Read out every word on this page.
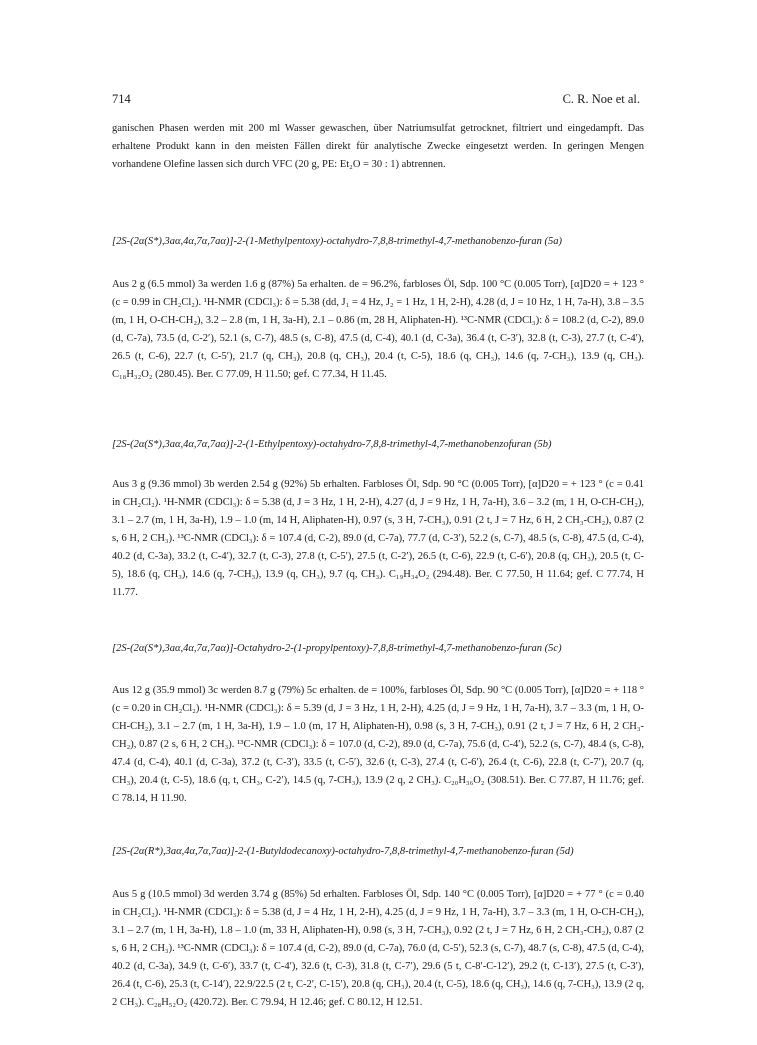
714	C. R. Noe et al.

ganischen Phasen werden mit 200 ml Wasser gewaschen, über Natriumsulfat getrocknet, filtriert und eingedampft. Das erhaltene Produkt kann in den meisten Fällen direkt für analytische Zwecke eingesetzt werden. In geringen Mengen vorhandene Olefine lassen sich durch VFC (20 g, PE: Et₂O = 30 : 1) abtrennen.

[2S-(2α(S*),3aα,4α,7α,7aα)]-2-(1-Methylpentoxy)-octahydro-7,8,8-trimethyl-4,7-methanobenzo-furan (5a)

Aus 2 g (6.5 mmol) 3a werden 1.6 g (87%) 5a erhalten. de = 96.2%, farbloses Öl, Sdp. 100 °C (0.005 Torr), [α]D20 = + 123 ° (c = 0.99 in CH₂Cl₂). ¹H-NMR (CDCl₃): δ = 5.38 (dd, J₁ = 4 Hz, J₂ = 1 Hz, 1 H, 2-H), 4.28 (d, J = 10 Hz, 1 H, 7a-H), 3.8 – 3.5 (m, 1 H, O-CH-CH₂), 3.2 – 2.8 (m, 1 H, 3a-H), 2.1 – 0.86 (m, 28 H, Aliphaten-H). ¹³C-NMR (CDCl₃): δ = 108.2 (d, C-2), 89.0 (d, C-7a), 73.5 (d, C-2′), 52.1 (s, C-7), 48.5 (s, C-8), 47.5 (d, C-4), 40.1 (d, C-3a), 36.4 (t, C-3′), 32.8 (t, C-3), 27.7 (t, C-4′), 26.5 (t, C-6), 22.7 (t, C-5′), 21.7 (q, CH₃), 20.8 (q, CH₃), 20.4 (t, C-5), 18.6 (q, CH₃), 14.6 (q, 7-CH₃), 13.9 (q, CH₃). C₁₈H₃₂O₂ (280.45). Ber. C 77.09, H 11.50; gef. C 77.34, H 11.45.

[2S-(2α(S*),3aα,4α,7α,7aα)]-2-(1-Ethylpentoxy)-octahydro-7,8,8-trimethyl-4,7-methanobenzofuran (5b)

Aus 3 g (9.36 mmol) 3b werden 2.54 g (92%) 5b erhalten. Farbloses Öl, Sdp. 90 °C (0.005 Torr), [α]D20 = + 123 ° (c = 0.41 in CH₂Cl₂). ¹H-NMR (CDCl₃): δ = 5.38 (d, J = 3 Hz, 1 H, 2-H), 4.27 (d, J = 9 Hz, 1 H, 7a-H), 3.6 – 3.2 (m, 1 H, O-CH-CH₂), 3.1 – 2.7 (m, 1 H, 3a-H), 1.9 – 1.0 (m, 14 H, Aliphaten-H), 0.97 (s, 3 H, 7-CH₃), 0.91 (2 t, J = 7 Hz, 6 H, 2 CH₃-CH₂), 0.87 (2 s, 6 H, 2 CH₃). ¹³C-NMR (CDCl₃): δ = 107.4 (d, C-2), 89.0 (d, C-7a), 77.7 (d, C-3′), 52.2 (s, C-7), 48.5 (s, C-8), 47.5 (d, C-4), 40.2 (d, C-3a), 33.2 (t, C-4′), 32.7 (t, C-3), 27.8 (t, C-5′), 27.5 (t, C-2′), 26.5 (t, C-6), 22.9 (t, C-6′), 20.8 (q, CH₃), 20.5 (t, C-5), 18.6 (q, CH₃), 14.6 (q, 7-CH₃), 13.9 (q, CH₃), 9.7 (q, CH₃). C₁₉H₃₄O₂ (294.48). Ber. C 77.50, H 11.64; gef. C 77.74, H 11.77.

[2S-(2α(S*),3aα,4α,7α,7aα)]-Octahydro-2-(1-propylpentoxy)-7,8,8-trimethyl-4,7-methanobenzo-furan (5c)

Aus 12 g (35.9 mmol) 3c werden 8.7 g (79%) 5c erhalten. de = 100%, farbloses Öl, Sdp. 90 °C (0.005 Torr), [α]D20 = + 118 ° (c = 0.20 in CH₂Cl₂). ¹H-NMR (CDCl₃): δ = 5.39 (d, J = 3 Hz, 1 H, 2-H), 4.25 (d, J = 9 Hz, 1 H, 7a-H), 3.7 – 3.3 (m, 1 H, O-CH-CH₂), 3.1 – 2.7 (m, 1 H, 3a-H), 1.9 – 1.0 (m, 17 H, Aliphaten-H), 0.98 (s, 3 H, 7-CH₃), 0.91 (2 t, J = 7 Hz, 6 H, 2 CH₃-CH₂), 0.87 (2 s, 6 H, 2 CH₃). ¹³C-NMR (CDCl₃): δ = 107.0 (d, C-2), 89.0 (d, C-7a), 75.6 (d, C-4′), 52.2 (s, C-7), 48.4 (s, C-8), 47.4 (d, C-4), 40.1 (d, C-3a), 37.2 (t, C-3′), 33.5 (t, C-5′), 32.6 (t, C-3), 27.4 (t, C-6′), 26.4 (t, C-6), 22.8 (t, C-7′), 20.7 (q, CH₃), 20.4 (t, C-5), 18.6 (q, t, CH₃, C-2′), 14.5 (q, 7-CH₃), 13.9 (2 q, 2 CH₃). C₂₀H₃₆O₂ (308.51). Ber. C 77.87, H 11.76; gef. C 78.14, H 11.90.

[2S-(2α(R*),3aα,4α,7α,7aα)]-2-(1-Butyldodecanoxy)-octahydro-7,8,8-trimethyl-4,7-methanobenzo-furan (5d)

Aus 5 g (10.5 mmol) 3d werden 3.74 g (85%) 5d erhalten. Farbloses Öl, Sdp. 140 °C (0.005 Torr), [α]D20 = + 77 ° (c = 0.40 in CH₂Cl₂). ¹H-NMR (CDCl₃): δ = 5.38 (d, J = 4 Hz, 1 H, 2-H), 4.25 (d, J = 9 Hz, 1 H, 7a-H), 3.7 – 3.3 (m, 1 H, O-CH-CH₂), 3.1 – 2.7 (m, 1 H, 3a-H), 1.8 – 1.0 (m, 33 H, Aliphaten-H), 0.98 (s, 3 H, 7-CH₃), 0.92 (2 t, J = 7 Hz, 6 H, 2 CH₃-CH₂), 0.87 (2 s, 6 H, 2 CH₃). ¹³C-NMR (CDCl₃): δ = 107.4 (d, C-2), 89.0 (d, C-7a), 76.0 (d, C-5′), 52.3 (s, C-7), 48.7 (s, C-8), 47.5 (d, C-4), 40.2 (d, C-3a), 34.9 (t, C-6′), 33.7 (t, C-4′), 32.6 (t, C-3), 31.8 (t, C-7′), 29.6 (5 t, C-8′-C-12′), 29.2 (t, C-13′), 27.5 (t, C-3′), 26.4 (t, C-6), 25.3 (t, C-14′), 22.9/22.5 (2 t, C-2′, C-15′), 20.8 (q, CH₃), 20.4 (t, C-5), 18.6 (q, CH₃), 14.6 (q, 7-CH₃), 13.9 (2 q, 2 CH₃). C₂₈H₅₂O₂ (420.72). Ber. C 79.94, H 12.46; gef. C 80.12, H 12.51.
